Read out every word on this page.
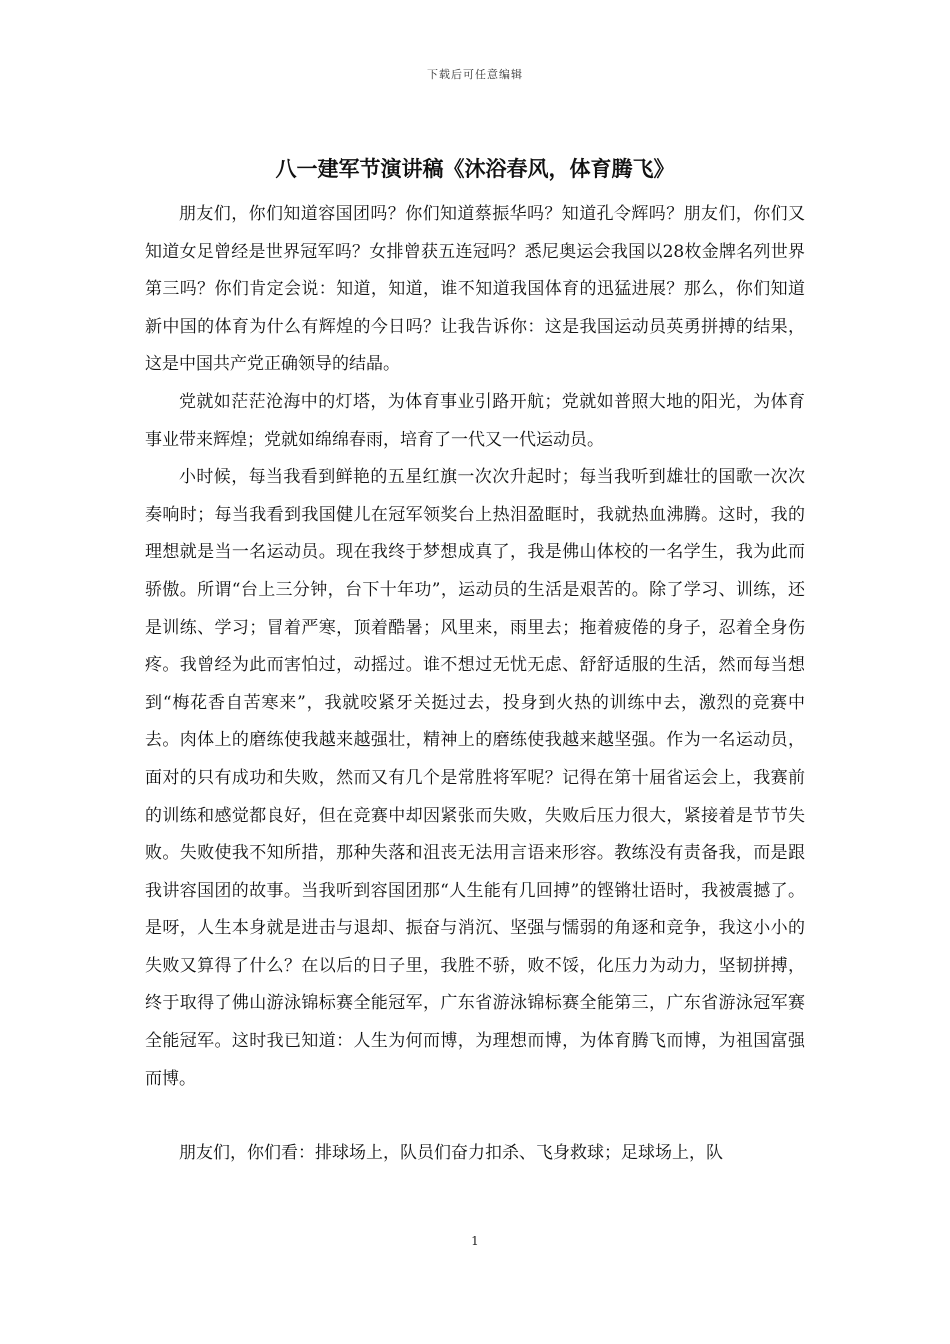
下载后可任意编辑
八一建军节演讲稿《沐浴春风，体育腾飞》

朋友们，你们知道容国团吗？你们知道蔡振华吗？知道孔令辉吗？朋友们，你们又知道女足曾经是世界冠军吗？女排曾获五连冠吗？悉尼奥运会我国以28枚金牌名列世界第三吗？你们肯定会说：知道，知道，谁不知道我国体育的迅猛进展？那么，你们知道新中国的体育为什么有辉煌的今日吗？让我告诉你：这是我国运动员英勇拼搏的结果，这是中国共产党正确领导的结晶。

党就如茫茫沧海中的灯塔，为体育事业引路开航；党就如普照大地的阳光，为体育事业带来辉煌；党就如绵绵春雨，培育了一代又一代运动员。

小时候，每当我看到鲜艳的五星红旗一次次升起时；每当我听到雄壮的国歌一次次奏响时；每当我看到我国健儿在冠军领奖台上热泪盈眶时，我就热血沸腾。这时，我的理想就是当一名运动员。现在我终于梦想成真了，我是佛山体校的一名学生，我为此而骄傲。所谓“台上三分钟，台下十年功”，运动员的生活是艰苦的。除了学习、训练，还是训练、学习；冒着严寒，顶着酷暑；风里来，雨里去；拖着疲倦的身子，忍着全身伤疼。我曾经为此而害怕过，动摇过。谁不想过无忧无虑、舒舒适服的生活，然而每当想到“梅花香自苦寒来”，我就咬紧牙关挺过去，投身到火热的训练中去，激烈的竞赛中去。肉体上的磨练使我越来越强壮，精神上的磨练使我越来越坚强。作为一名运动员，面对的只有成功和失败，然而又有几个是常胜将军呢？记得在第十届省运会上，我赛前的训练和感觉都良好，但在竞赛中却因紧张而失败，失败后压力很大，紧接着是节节失败。失败使我不知所措，那种失落和沮丧无法用言语来形容。教练没有责备我，而是跟我讲容国团的故事。当我听到容国团那“人生能有几回搏”的铿锵壮语时，我被震撼了。是呀，人生本身就是进击与退却、振奋与消沉、坚强与懦弱的角逐和竞争，我这小小的失败又算得了什么？在以后的日子里，我胜不骄，败不馁，化压力为动力，坚韧拼搏，终于取得了佛山游泳锦标赛全能冠军，广东省游泳锦标赛全能第三，广东省游泳冠军赛全能冠军。这时我已知道：人生为何而博，为理想而博，为体育腾飞而博，为祖国富强而博。

朋友们，你们看：排球场上，队员们奋力扣杀、飞身救球；足球场上，队

1
